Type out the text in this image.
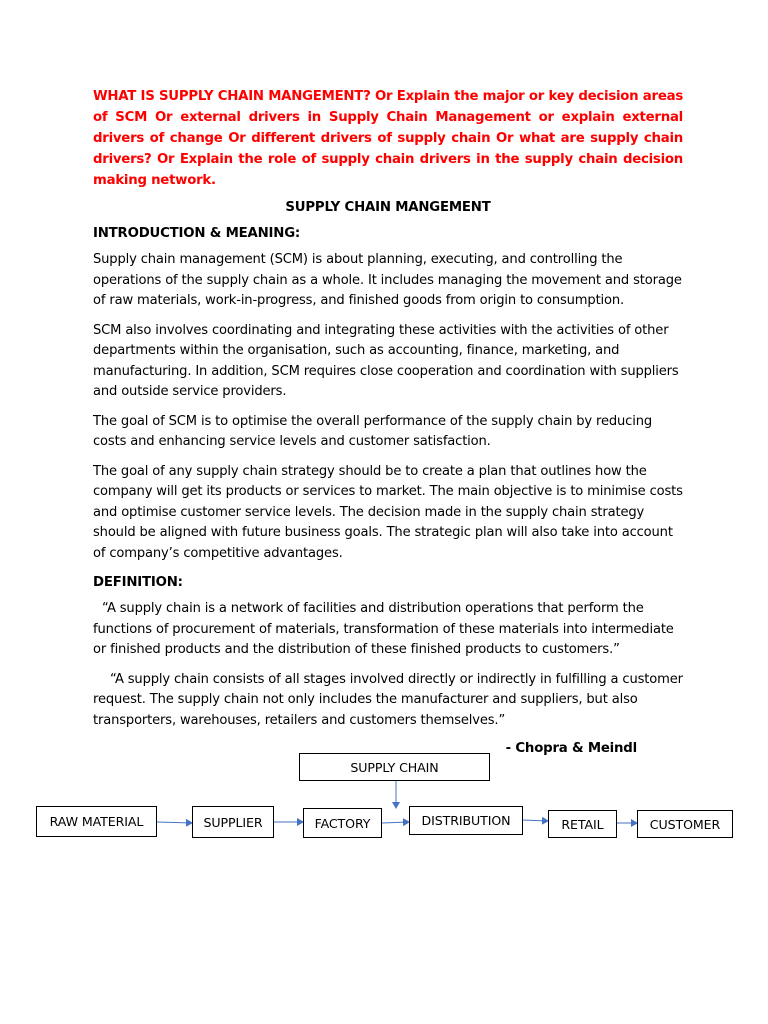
WHAT IS SUPPLY CHAIN MANGEMENT? Or Explain the major or key decision areas of SCM Or external drivers in Supply Chain Management or explain external drivers of change Or different drivers of supply chain Or what are supply chain drivers? Or Explain the role of supply chain drivers in the supply chain decision making network.

SUPPLY CHAIN MANGEMENT
INTRODUCTION & MEANING:

Supply chain management (SCM) is about planning, executing, and controlling the operations of the supply chain as a whole. It includes managing the movement and storage of raw materials, work-in-progress, and finished goods from origin to consumption.

SCM also involves coordinating and integrating these activities with the activities of other departments within the organisation, such as accounting, finance, marketing, and manufacturing. In addition, SCM requires close cooperation and coordination with suppliers and outside service providers.

The goal of SCM is to optimise the overall performance of the supply chain by reducing costs and enhancing service levels and customer satisfaction.

The goal of any supply chain strategy should be to create a plan that outlines how the company will get its products or services to market. The main objective is to minimise costs and optimise customer service levels. The decision made in the supply chain strategy should be aligned with future business goals. The strategic plan will also take into account of company’s competitive advantages.

DEFINITION:

“A supply chain is a network of facilities and distribution operations that perform the functions of procurement of materials, transformation of these materials into intermediate or finished products and the distribution of these finished products to customers.”

“A supply chain consists of all stages involved directly or indirectly in fulfilling a customer request. The supply chain not only includes the manufacturer and suppliers, but also transporters, warehouses, retailers and customers themselves.”

- Chopra & Meindl
SUPPLY CHAIN
RAW MATERIAL	SUPPLIER	FACTORY	DISTRIBUTION	RETAIL	CUSTOMER
